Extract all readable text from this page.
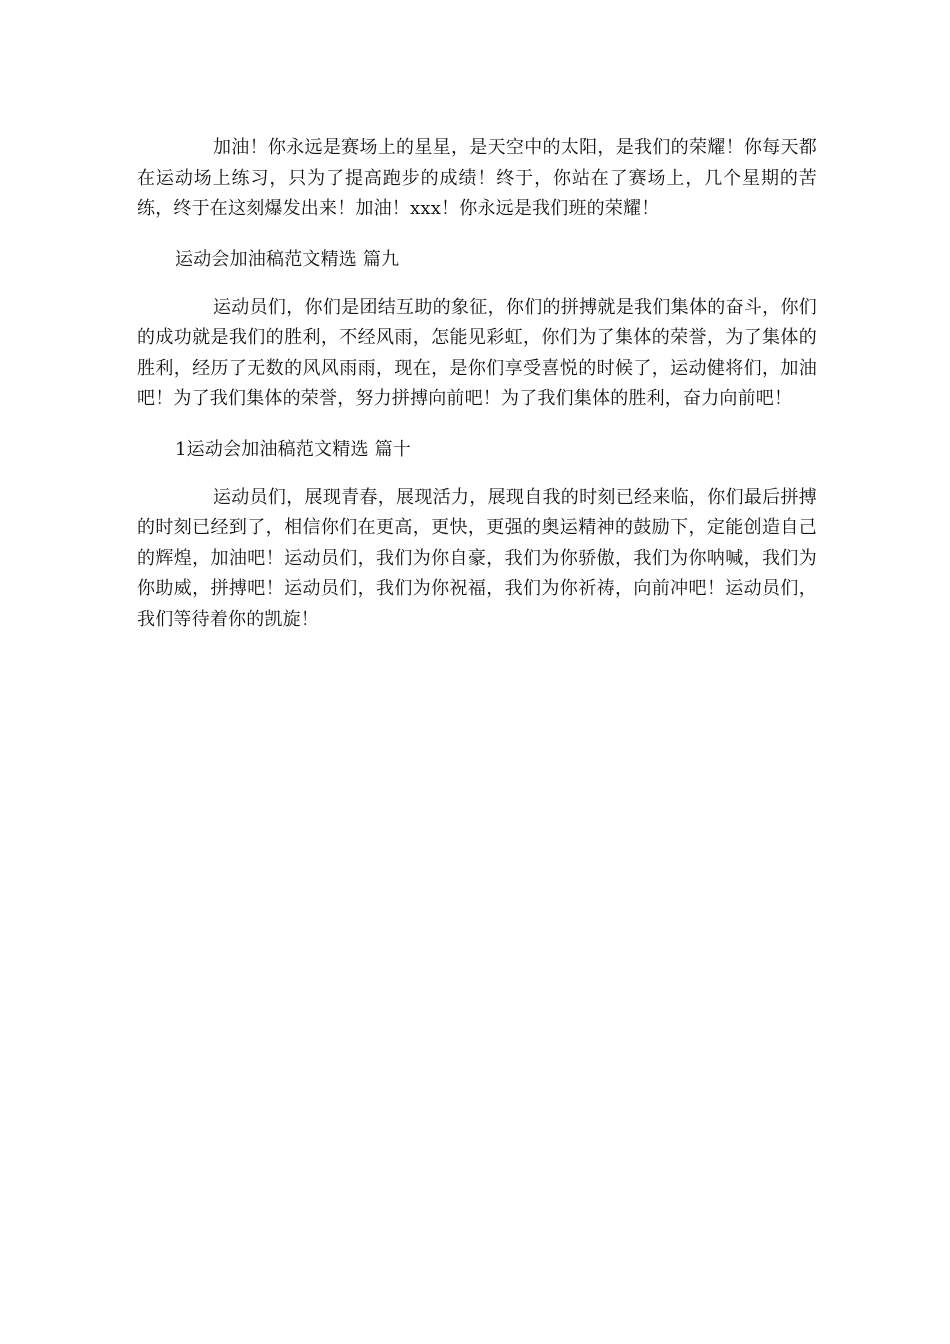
加油！你永远是赛场上的星星，是天空中的太阳，是我们的荣耀！你每天都在运动场上练习，只为了提高跑步的成绩！终于，你站在了赛场上，几个星期的苦练，终于在这刻爆发出来！加油！xxx！你永远是我们班的荣耀！

运动会加油稿范文精选 篇九

运动员们，你们是团结互助的象征，你们的拼搏就是我们集体的奋斗，你们的成功就是我们的胜利，不经风雨，怎能见彩虹，你们为了集体的荣誉，为了集体的胜利，经历了无数的风风雨雨，现在，是你们享受喜悦的时候了，运动健将们，加油吧！为了我们集体的荣誉，努力拼搏向前吧！为了我们集体的胜利，奋力向前吧！

1运动会加油稿范文精选 篇十

运动员们，展现青春，展现活力，展现自我的时刻已经来临，你们最后拼搏的时刻已经到了，相信你们在更高，更快，更强的奥运精神的鼓励下，定能创造自己的辉煌，加油吧！运动员们，我们为你自豪，我们为你骄傲，我们为你呐喊，我们为你助威，拼搏吧！运动员们，我们为你祝福，我们为你祈祷，向前冲吧！运动员们，我们等待着你的凯旋！
